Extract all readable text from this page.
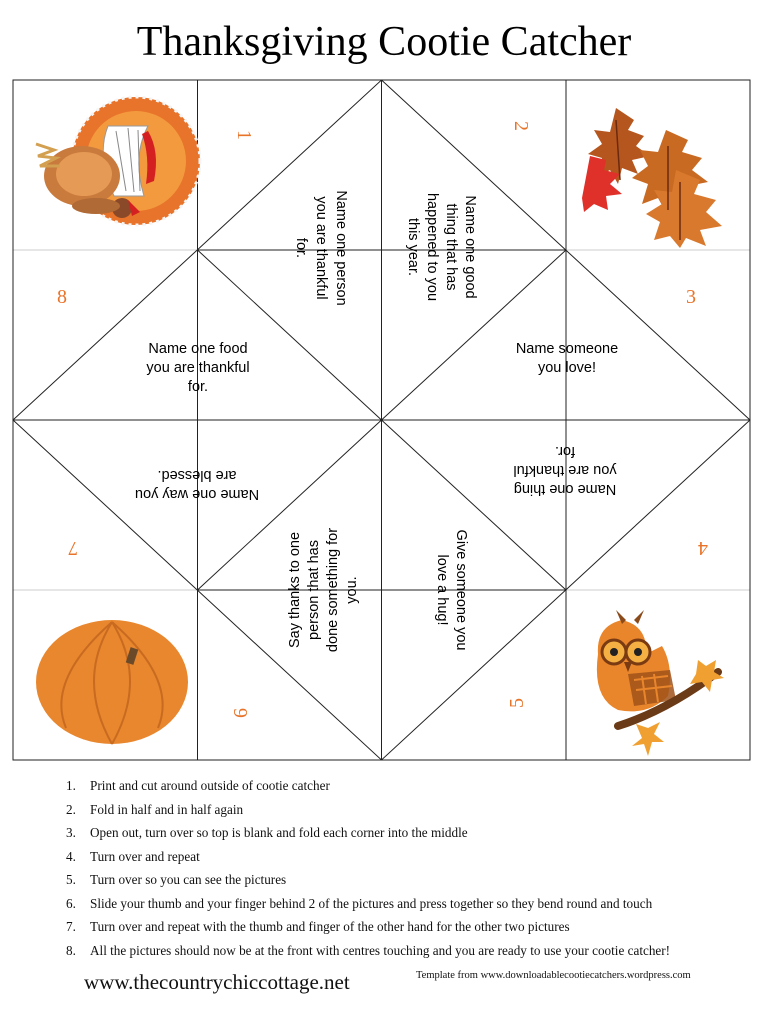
Thanksgiving Cootie Catcher
1
2
3
4
5
6
7
8	Name one person
you are thankful
for.	Name one good
thing that has
happened to you
this year.
Name someone
you love!
Name one thing
you are thankful
for.
Give someone you
love a hug!
Say thanks to one person that has done something for you.
Name one way you
are blessed.
Name one food
you are thankful
for.
1. Print and cut around outside of cootie catcher
2. Fold in half and in half again
3. Open out, turn over so top is blank and fold each corner into the middle
4. Turn over and repeat
5. Turn over so you can see the pictures
6. Slide your thumb and your finger behind 2 of the pictures and press together so they bend round and touch
7. Turn over and repeat with the thumb and finger of the other hand for the other two pictures
8. All the pictures should now be at the front with centres touching and you are ready to use your cootie catcher!
www.thecountrychiccottage.net	Template from www.downloadablecootiecatchers.wordpress.com
